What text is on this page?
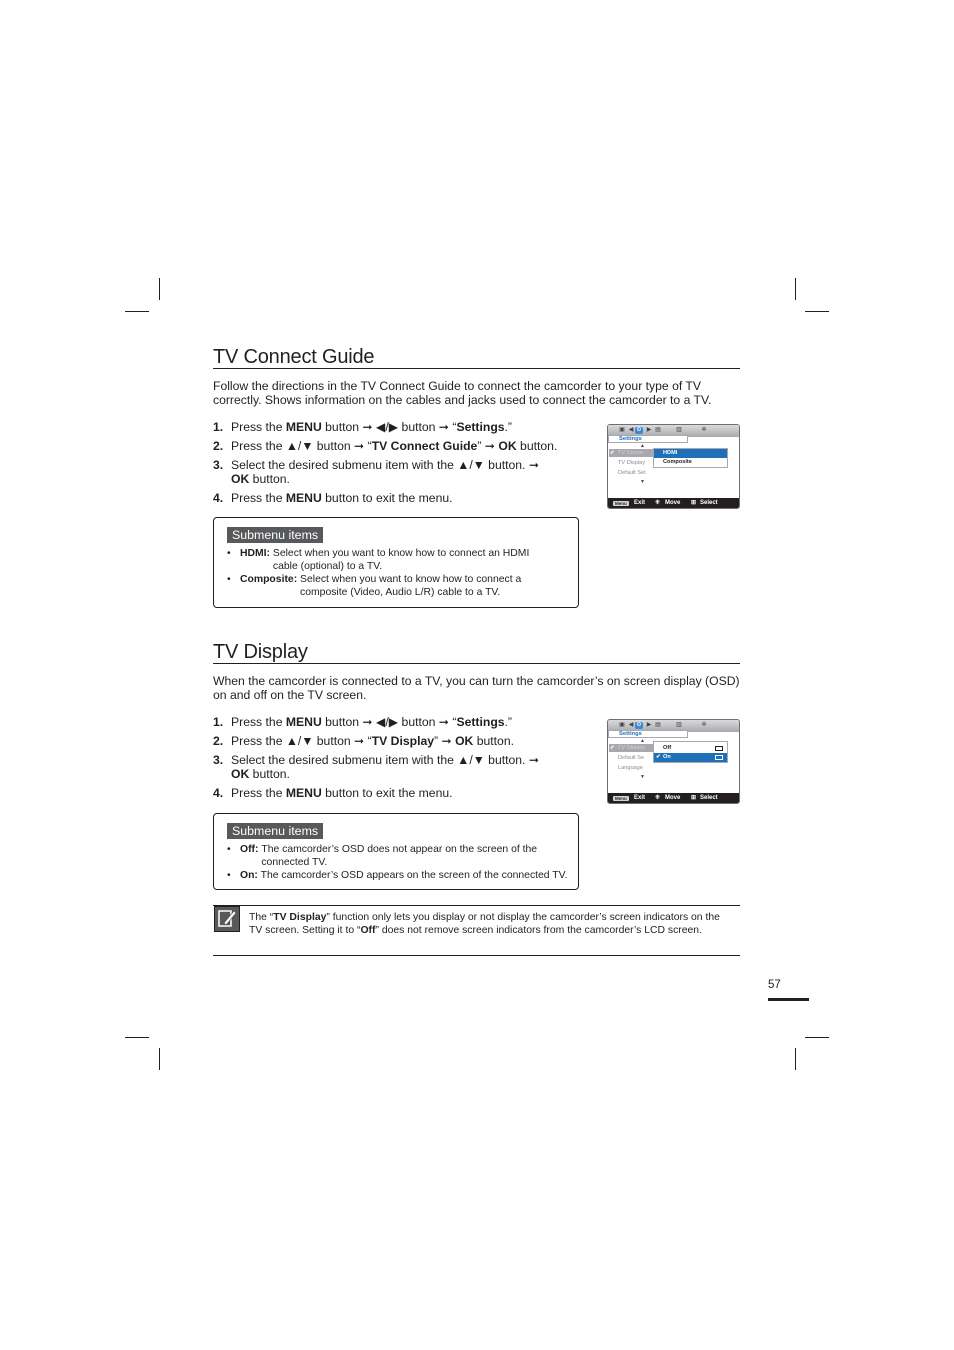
TV Connect Guide

Follow the directions in the TV Connect Guide to connect the camcorder to your type of TV correctly. Shows information on the cables and jacks used to connect the camcorder to a TV.

1. Press the MENU button ➞ ◀/▶ button ➞ “Settings.”
2. Press the ▲/▼ button ➞ “TV Connect Guide” ➞ OK button.
3. Select the desired submenu item with the ▲/▼ button. ➞ OK button.
4. Press the MENU button to exit the menu.
▣ ◀ ⚙ ▶ ▤	▥	✲
Settings
▲
✔ TV Conne
TV Display
Default Set
▼
HDMI
Composite
Menu	Exit ⁜ Move ⊞ Select
Submenu items
• HDMI: Select when you want to know how to connect an HDMI cable (optional) to a TV.
• Composite: Select when you want to know how to connect a composite (Video, Audio L/R) cable to a TV.
TV Display

When the camcorder is connected to a TV, you can turn the camcorder’s on screen display (OSD) on and off on the TV screen.

1. Press the MENU button ➞ ◀/▶ button ➞ “Settings.”
2. Press the ▲/▼ button ➞ “TV Display” ➞ OK button.
3. Select the desired submenu item with the ▲/▼ button. ➞ OK button.
4. Press the MENU button to exit the menu.
▣ ◀ ⚙ ▶ ▤	▥	✲
Settings
▲
✔ TV Display
Default Se
Language
▼
Off
✔ On
Menu	Exit ⁜ Move ⊞ Select
Submenu items
• Off: The camcorder’s OSD does not appear on the screen of the connected TV.
• On: The camcorder’s OSD appears on the screen of the connected TV.

The “TV Display” function only lets you display or not display the camcorder’s screen indicators on the TV screen. Setting it to “Off” does not remove screen indicators from the camcorder’s LCD screen.

57
